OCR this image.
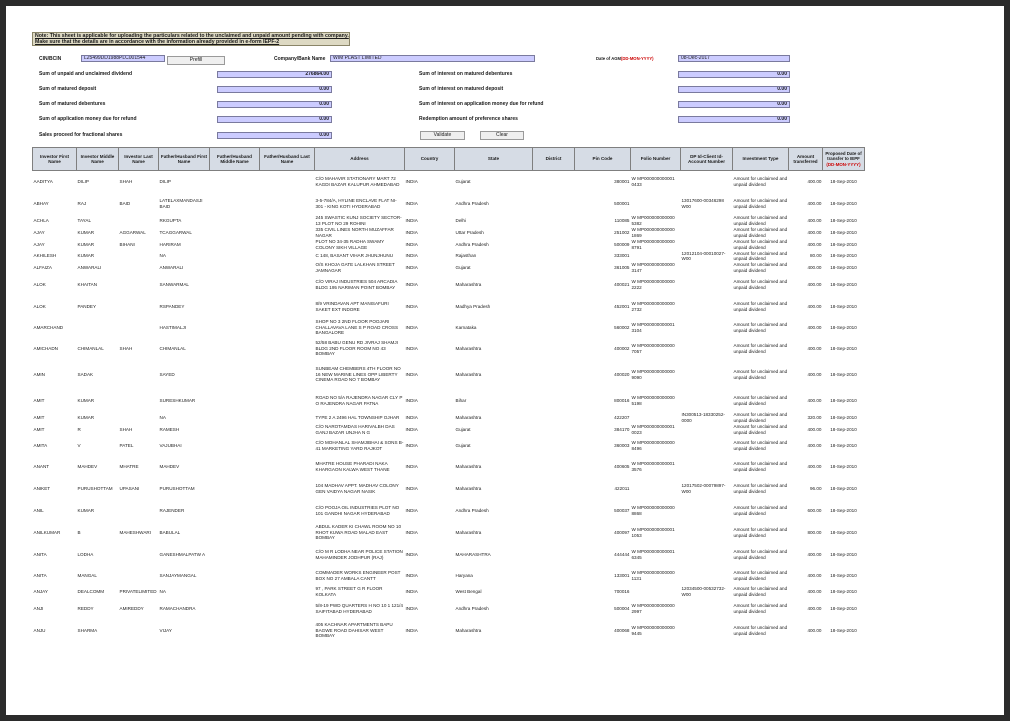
Note: This sheet is applicable for uploading the particulars related to the unclaimed and unpaid amount pending with company.
Make sure that the details are in accordance with the information already provided in e-form IEPF-2
CIN/BCIN	L25499DD1988PLC001544	Prefill	Company/Bank Name	WIM PLAST LIMITED	Date of AGM(DD-MON-YYYY)	08-Dec-2017
Sum of unpaid and unclaimed dividend	276864.00
Sum of matured deposit	0.00
Sum of matured debentures	0.00
Sum of application money due for refund	0.00
Sales proceed for fractional shares	0.00
Sum of interest on matured debentures	0.00
Sum of interest on matured deposit	0.00
Sum of interest on application money due for refund	0.00
Redemption amount of preference shares	0.00
Validate	Clear
Investor First Name	Investor Middle Name	Investor Last Name	Father/Husband First Name	Father/Husband Middle Name	Father/Husband Last Name	Address	Country	State	District	Pin Code	Folio Number	DP Id-Client Id-Account Number	Investment Type	Amount transferred	Proposed Date of transfer to IEPF
(DD-MON-YYYY)
AADITYA	DILIP	SHAH	DILIP			C/O MAHAVIR STATIONARY MART 72 KAGDI BAZAR KALUPUR AHMEDABAD	INDIA	Gujarat		380001	W MP000000000001 0433		Amount for unclaimed and unpaid dividend	400.00	18-Sep-2010
ABHAY	RAJ	BAID	LATELAXMANDASJI BAID			3-5-784/A, HYLINE ENCLAVE FLAT NI-301 - KING KOTI HYDERABAD	INDIA	Andhra Pradesh		500001		13017600-00346298 W00	Amount for unclaimed and unpaid dividend	400.00	18-Sep-2010
ACHLA	TAYAL		RKGUPTA			245 SWASTIC KUNJ SOCIETY SECTOR-13 PLOT NO 29 ROHINI	INDIA	Delhi		110085	W MP000000000000 5382		Amount for unclaimed and unpaid dividend	400.00	18-Sep-2010
AJAY	KUMAR	AGGARWAL	TCAGGARWAL			335 CIVIL LINES NORTH MUZAFFAR NAGAR	INDIA	Uttar Pradesh		251002	W MP000000000000 1869		Amount for unclaimed and unpaid dividend	400.00	18-Sep-2010
AJAY	KUMAR	BIHANI	HARIRAM			PLOT NO 34-35 RADHA SWAMY COLONY SIKH VILLAGE	INDIA	Andhra Pradesh		500009	W MP000000000000 8791		Amount for unclaimed and unpaid dividend	400.00	18-Sep-2010
AKHILESH	KUMAR		NA			C 148, BASANT VIHAR JHUNJHUNU	INDIA	Rajasthan		333001		12012104-00010027- W00	Amount for unclaimed and unpaid dividend	80.00	18-Sep-2010
ALFAIZA	ANWARALI		ANWARALI			O/S KHOJA GATE LALKHAN STREET JAMNAGAR	INDIA	Gujarat		361005	W MP000000000000 3147		Amount for unclaimed and unpaid dividend	400.00	18-Sep-2010
ALOK	KHAITAN		SANWARMAL			C/O VIRAJ INDUSTRIES 504 ARCADIA BLDG 195 NARIMAN POINT BOMBAY	INDIA	Maharashtra		400021	W MP000000000000 2222		Amount for unclaimed and unpaid dividend	400.00	18-Sep-2010
ALOK	PANDEY		RSPANDEY			8/9 VRINDAVAN APT MANISAFURI SAKET EXT INDORE	INDIA	Madhya Pradesh		452001	W MP000000000000 2732		Amount for unclaimed and unpaid dividend	400.00	18-Sep-2010
AMARCHAND			HASTIMALJI			SHOP NO 3 2ND FLOOR POOJARI CHALLAVAVA LANE S P ROAD CROSS BANGALORE	INDIA	Karnataka		560002	W MP000000000001 3104		Amount for unclaimed and unpaid dividend	400.00	18-Sep-2010
AMICHADN	CHIMANLAL	SHAH	CHIMANLAL			52/58 BABU GENU RD JIVRAJ SHAMJI BLDG 2ND FLOOR ROOM NO 43 BOMBAY	INDIA	Maharashtra		400002	W MP000000000000 7057		Amount for unclaimed and unpaid dividend	400.00	18-Sep-2010
AMIN	SADAK		SAYED			SUNBEAM CHEMBERS 4TH FLOOR NO 16 NEW MARINE LINES OPP LIBERTY CINEMA ROAD NO 7 BOMBAY	INDIA	Maharashtra		400020	W MP000000000000 9090		Amount for unclaimed and unpaid dividend	400.00	18-Sep-2010
AMIT	KUMAR		SURESHKUMAR			ROAD NO 5/A RAJENDRA NAGAR CLY P O RAJENDRA NAGAR PATNA	INDIA	Bihar		800016	W MP000000000000 5198		Amount for unclaimed and unpaid dividend	400.00	18-Sep-2010
AMIT	KUMAR		NA			TYPE 2 A 2496 HAL TOWNSHIP OJHAR	INDIA	Maharashtra		422207		IN300513-18330252- 0000	Amount for unclaimed and unpaid dividend	320.00	18-Sep-2010
AMIT	R	SHAH	RAMESH			C/O NAROTAMDAS HARIVALBH DAS GANJ BAZAR UNJHA N G	INDIA	Gujarat		384170	W MP000000000001 0023		Amount for unclaimed and unpaid dividend	400.00	18-Sep-2010
AMITA	V	PATEL	VAJUBHAI			C/O MOHANLAL SHAMJIBHAI & SONS B-41 MARKETING YARD RAJKOT	INDIA	Gujarat		360003	W MP000000000000 8496		Amount for unclaimed and unpaid dividend	400.00	18-Sep-2010
ANANT	MAHDEV	MHATRE	MAHDEV			MHATRE HOUSE PHARADI NAKA KHARGAON KALWA WEST THANE	INDIA	Maharashtra		400605	W MP000000000001 3576		Amount for unclaimed and unpaid dividend	400.00	18-Sep-2010
ANIKET	PURUSHOTTAM	UPASANI	PURUSHOTTAM			104 MADHAV APPT. MADHAV COLONY GEN VAIDYA NAGAR NASIK	INDIA	Maharashtra		422011		12017502-00079897- W00	Amount for unclaimed and unpaid dividend	96.00	18-Sep-2010
ANIL	KUMAR		RAJENDER			C/O POOJA OIL INDUSTRIES PLOT NO 101 GANDHI NAGAR HYDERABAD	INDIA	Andhra Pradesh		500037	W MP000000000000 8868		Amount for unclaimed and unpaid dividend	600.00	18-Sep-2010
ANILKUMAR	B	MAHESHWARI	BABULAL			ABDUL KADER KI CHAWL ROOM NO 10 RHOT KUWA ROAD MALAD EAST BOMBAY	INDIA	Maharashtra		400097	W MP000000000001 1053		Amount for unclaimed and unpaid dividend	800.00	18-Sep-2010
ANITA	LODHA		GANESHMALPATW A			C/O M R LODHA NEAR POLICE STATION MAHAMINDER JODHPUR (RAJ)	INDIA	MAHARASHTRA		444444	W MP000000000001 6345		Amount for unclaimed and unpaid dividend	400.00	18-Sep-2010
ANITA	MANGAL		SANJAYMANGAL			COMMADER WORKS ENGINEER POST BOX NO 27 AMBALA CANTT	INDIA	Haryana		133001	W MP000000000000 1131		Amount for unclaimed and unpaid dividend	400.00	18-Sep-2010
ANJAY	DEALCOMM	PRIVATELIMITED	NA			97 , PARK STREET G R FLOOR KOLKATA	INDIA	West Bengal		700016		12034500-00532732- W00	Amount for unclaimed and unpaid dividend	400.00	18-Sep-2010
ANJI	REDDY	AMIREDDY	RAMACHANDRA			5/8-19 PWD QUARTERS H NO 10 1 121/4 SAIFITABAD HYDERABAD	INDIA	Andhra Pradesh		500004	W MP000000000000 2997		Amount for unclaimed and unpaid dividend	400.00	18-Sep-2010
ANJU	SHARMA		VIJAY			405 KACHNAR APARTMENTS BAPU BAGWE ROAD DAHISAR WEST BOMBAY	INDIA	Maharashtra		400068	W MP000000000000 9445		Amount for unclaimed and unpaid dividend	400.00	18-Sep-2010
